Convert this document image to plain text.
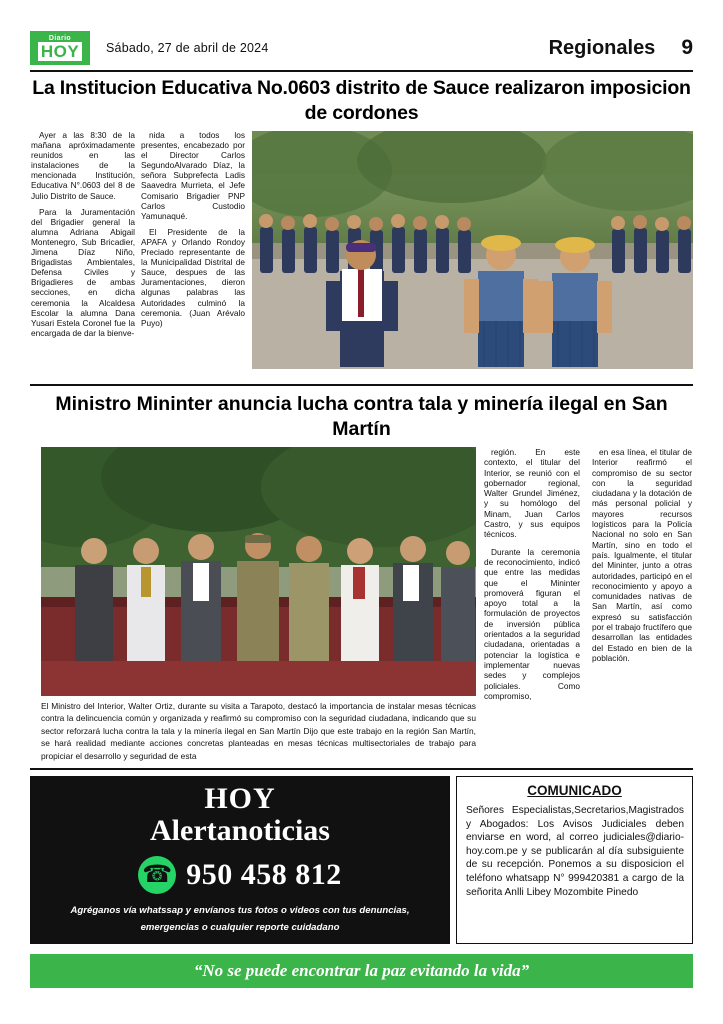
Diario
HOY Sábado, 27 de abril de 2024	Regionales 9
La Institucion Educativa No.0603 distrito de Sauce realizaron imposicion de cordones

Ayer a las 8:30 de la mañana apróximadamente reunidos en las instalaciones de la mencionada Institución, Educativa N°.0603 del 8 de Julio Distrito de Sauce.

Para la Juramentación del Brigadier general la alumna Adriana Abigail Montenegro, Sub Bricadier, Jimena Díaz Niño, Brigadistas Ambientales, Defensa Civiles y Brigadieres de ambas secciones, en dicha ceremonia la Alcaldesa Escolar la alumna Dana Yusari Estela Coronel fue la encargada de dar la bienve-

nida a todos los presentes, encabezado por el Director Carlos SegundoAlvarado Díaz, la señora Subprefecta Ladis Saavedra Murrieta, el Jefe Comisario Brigadier PNP Carlos Custodio Yamunaqué.

El Presidente de la APAFA y Orlando Rondoy Preciado representante de la Municipalidad Distrital de Sauce, despues de las Juramentaciones, dieron algunas palabras las Autoridades culminó la ceremonia. (Juan Arévalo Puyo)

Ministro Mininter anuncia lucha contra tala y minería ilegal en San Martín
El Ministro del Interior, Walter Ortiz, durante su visita a Tarapoto, destacó la importancia de instalar mesas técnicas contra la delincuencia común y organizada y reafirmó su compromiso con la seguridad ciudadana, indicando que su sector reforzará lucha contra la tala y la minería ilegal en San Martín Dijo que este trabajo en la región San Martín, se hará realidad mediante acciones concretas planteadas en mesas técnicas multisectoriales de trabajo para propiciar el desarrollo y seguridad de esta

región. En este contexto, el titular del Interior, se reunió con el gobernador regional, Walter Grundel Jiménez, y su homólogo del Minam, Juan Carlos Castro, y sus equipos técnicos.

Durante la ceremonia de reconocimiento, indicó que entre las medidas que el Mininter promoverá figuran el apoyo total a la formulación de proyectos de inversión pública orientados a la seguridad ciudadana, orientadas a potenciar la logística e implementar nuevas sedes y complejos policiales. Como compromiso,

en esa línea, el titular de Interior reafirmó el compromiso de su sector con la seguridad ciudadana y la dotación de más personal policial y mayores recursos logísticos para la Policía Nacional no solo en San Martín, sino en todo el país. Igualmente, el titular del Mininter, junto a otras autoridades, participó en el reconocimiento y apoyo a comunidades nativas de San Martín, así como expresó su satisfacción por el trabajo fructífero que desarrollan las entidades del Estado en bien de la población.

HOY
Alertanoticias
☎ 950 458 812
Agréganos vía whatssap y envíanos tus fotos o videos con tus denuncias, emergencias o cualquier reporte cuidadano
COMUNICADO
Señores Especialistas,Secretarios,Magistrados y Abogados: Los Avisos Judiciales deben enviarse en word, al correo judiciales@diario-hoy.com.pe y se publicarán al día subsiguiente de su recepción. Ponemos a su disposicion el teléfono whatsapp N° 999420381 a cargo de la señorita Anlli Libey Mozombite Pinedo
“No se puede encontrar la paz evitando la vida”
